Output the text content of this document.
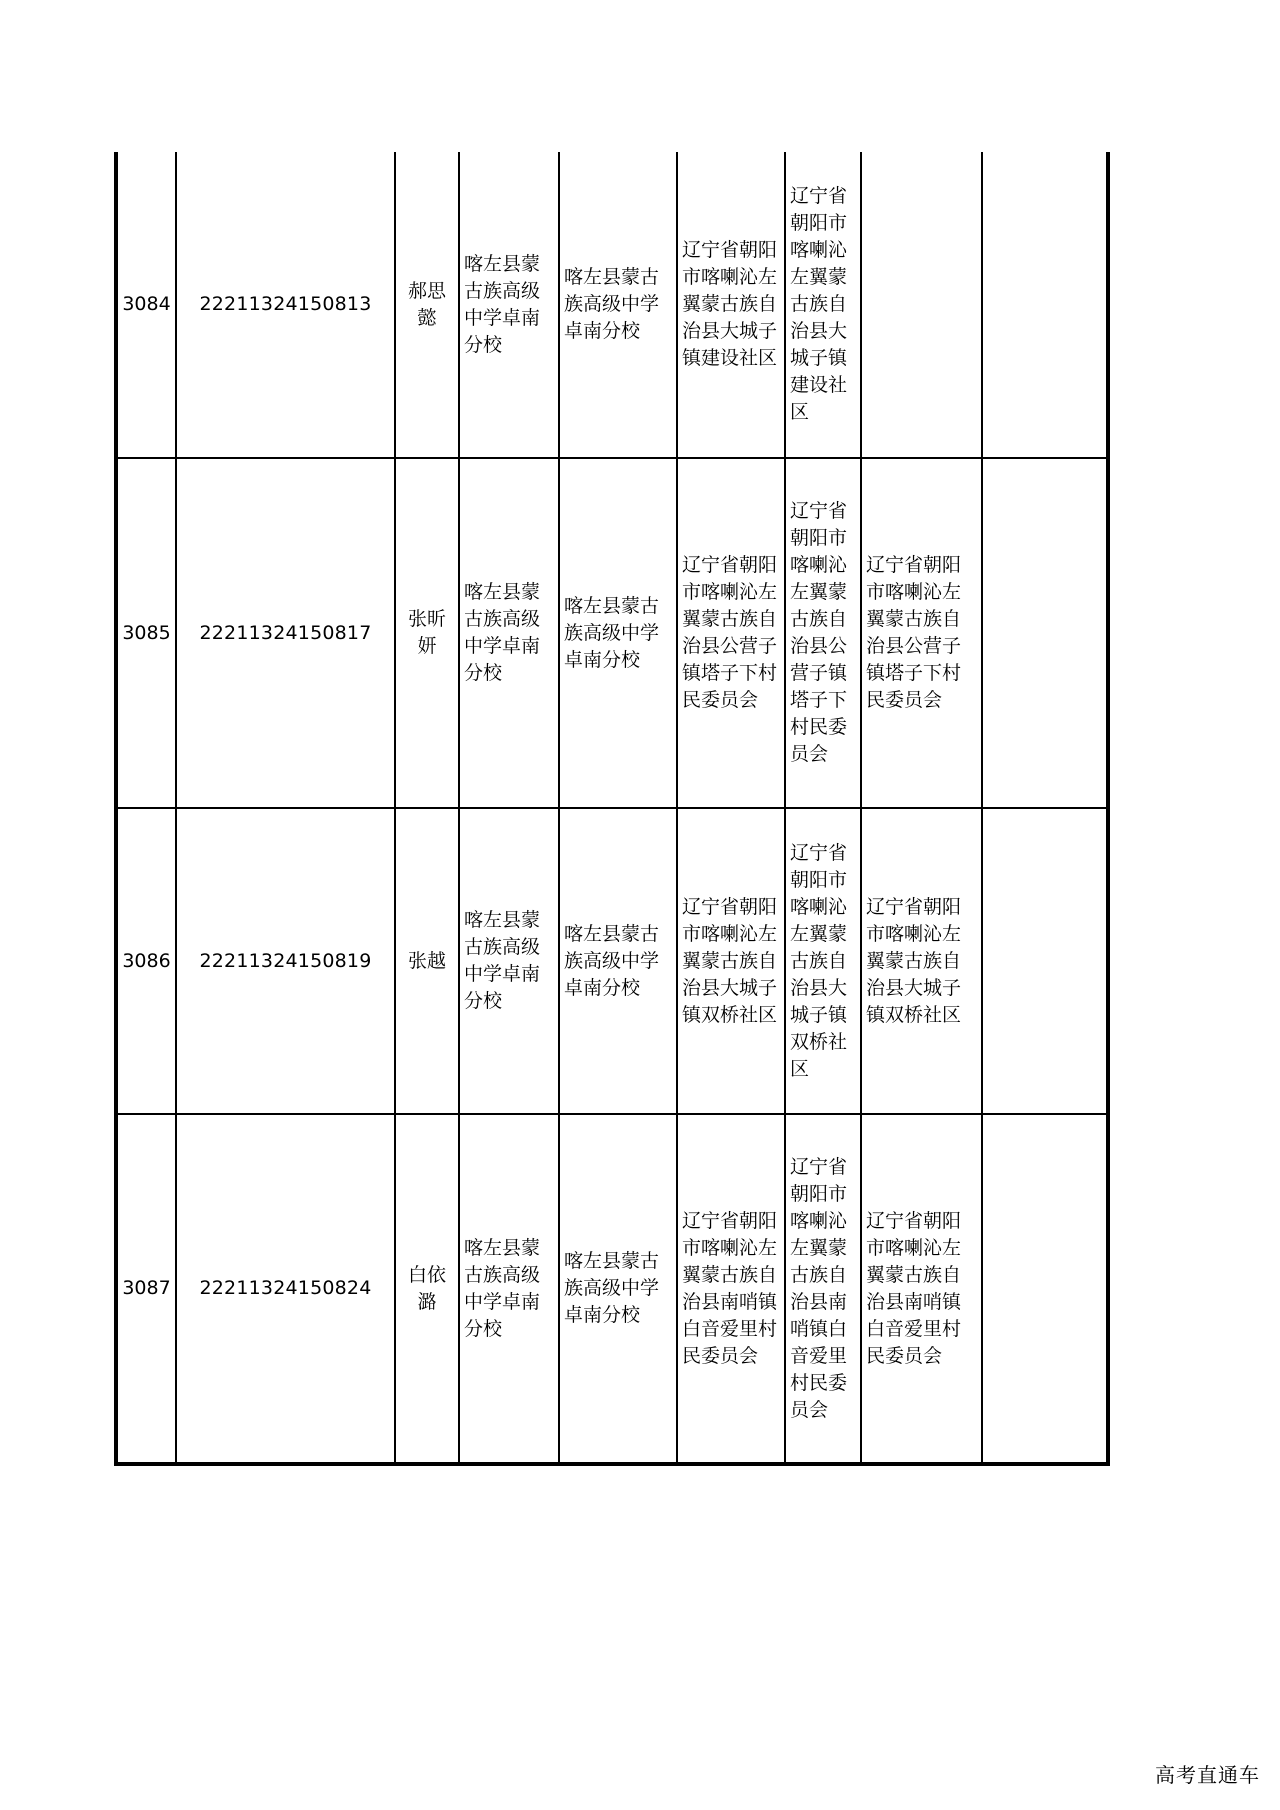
3084	22211324150813	郝思懿	喀左县蒙古族高级中学卓南分校	喀左县蒙古族高级中学卓南分校	辽宁省朝阳市喀喇沁左翼蒙古族自治县大城子镇建设社区	辽宁省朝阳市喀喇沁左翼蒙古族自治县大城子镇建设社区		
3085	22211324150817	张昕妍	喀左县蒙古族高级中学卓南分校	喀左县蒙古族高级中学卓南分校	辽宁省朝阳市喀喇沁左翼蒙古族自治县公营子镇塔子下村民委员会	辽宁省朝阳市喀喇沁左翼蒙古族自治县公营子镇塔子下村民委员会	辽宁省朝阳市喀喇沁左翼蒙古族自治县公营子镇塔子下村民委员会	
3086	22211324150819	张越	喀左县蒙古族高级中学卓南分校	喀左县蒙古族高级中学卓南分校	辽宁省朝阳市喀喇沁左翼蒙古族自治县大城子镇双桥社区	辽宁省朝阳市喀喇沁左翼蒙古族自治县大城子镇双桥社区	辽宁省朝阳市喀喇沁左翼蒙古族自治县大城子镇双桥社区	
3087	22211324150824	白依潞	喀左县蒙古族高级中学卓南分校	喀左县蒙古族高级中学卓南分校	辽宁省朝阳市喀喇沁左翼蒙古族自治县南哨镇白音爱里村民委员会	辽宁省朝阳市喀喇沁左翼蒙古族自治县南哨镇白音爱里村民委员会	辽宁省朝阳市喀喇沁左翼蒙古族自治县南哨镇白音爱里村民委员会	
高考直通车
